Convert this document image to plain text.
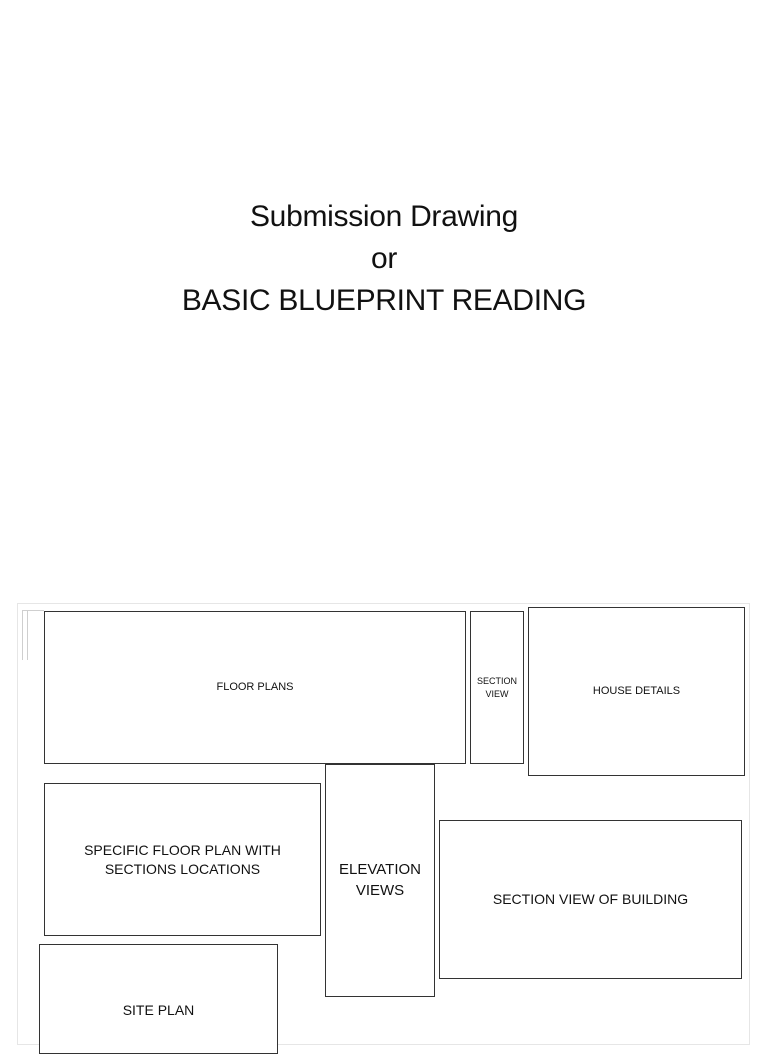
Submission Drawing
or
BASIC BLUEPRINT READING
FLOOR PLANS	SECTION VIEW	HOUSE DETAILS
SPECIFIC FLOOR PLAN WITH SECTIONS LOCATIONS	ELEVATION VIEWS
SECTION VIEW OF BUILDING
SITE PLAN
